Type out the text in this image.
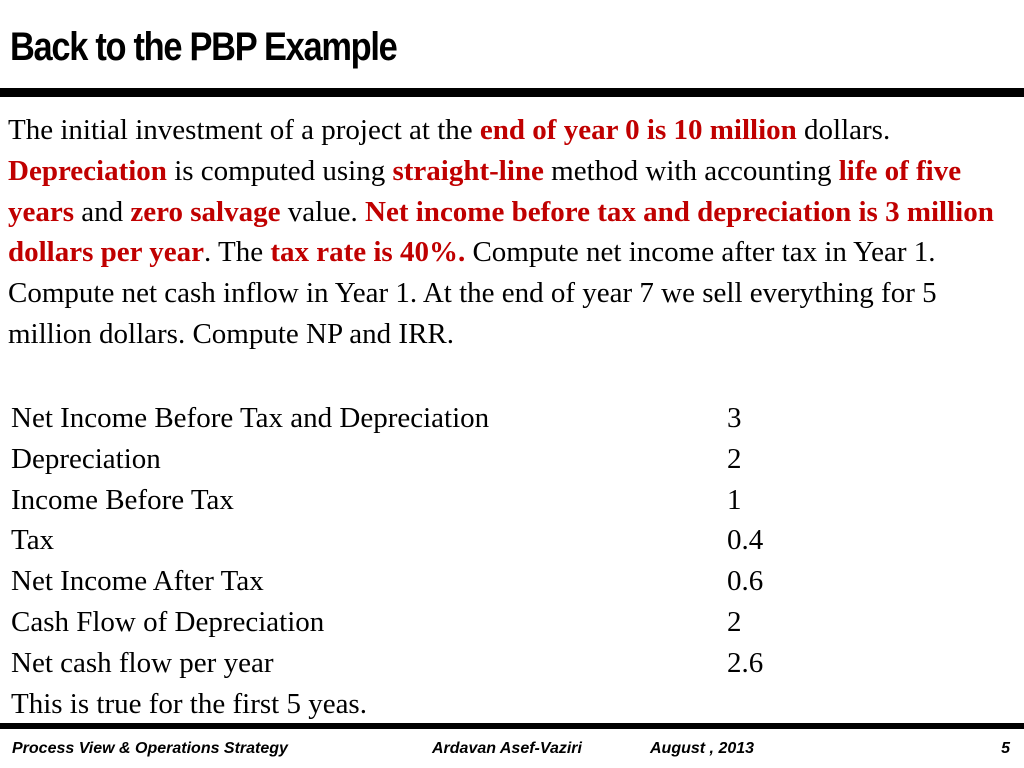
Back to the PBP Example
The initial investment of a project at the end of year 0 is 10 million dollars. Depreciation is computed using straight-line method with accounting life of five years and zero salvage value. Net income before tax and depreciation is 3 million dollars per year. The tax rate is 40%. Compute net income after tax in Year 1. Compute net cash inflow in Year 1. At the end of year 7 we sell everything for 5 million dollars. Compute NP and IRR.
Net Income Before Tax and Depreciation	3
Depreciation	2
Income Before Tax	1
Tax	0.4
Net Income After Tax	0.6
Cash Flow of Depreciation	2
Net cash flow per year	2.6
This is true for the first 5 yeas.
Process View & Operations Strategy	Ardavan Asef-Vaziri	August , 2013	5
